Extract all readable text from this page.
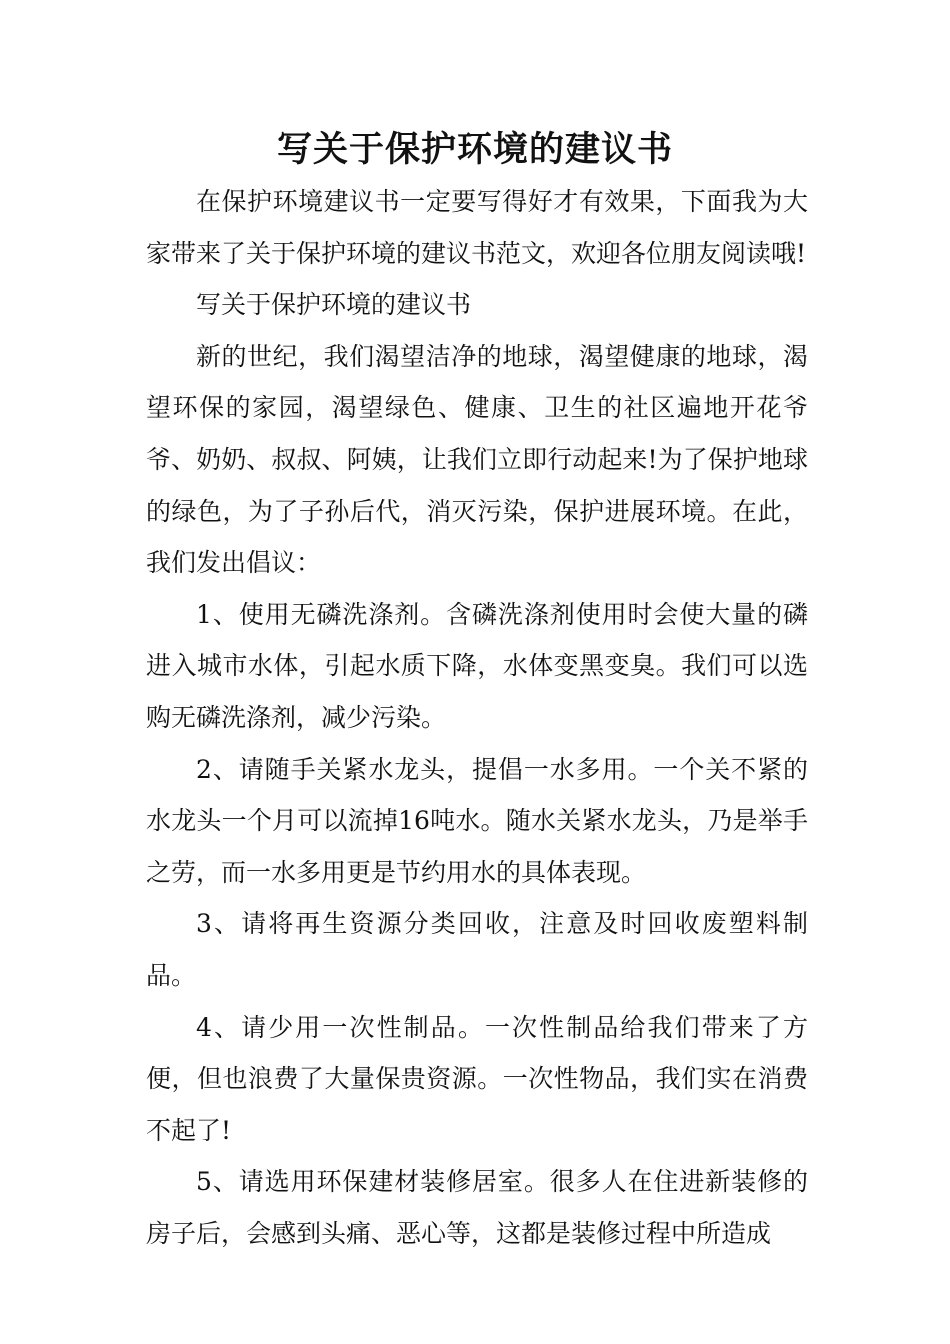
写关于保护环境的建议书

在保护环境建议书一定要写得好才有效果，下面我为大家带来了关于保护环境的建议书范文，欢迎各位朋友阅读哦!

写关于保护环境的建议书

新的世纪，我们渴望洁净的地球，渴望健康的地球，渴望环保的家园，渴望绿色、健康、卫生的社区遍地开花爷爷、奶奶、叔叔、阿姨，让我们立即行动起来!为了保护地球的绿色，为了子孙后代，消灭污染，保护进展环境。在此，我们发出倡议：

1、使用无磷洗涤剂。含磷洗涤剂使用时会使大量的磷进入城市水体，引起水质下降，水体变黑变臭。我们可以选购无磷洗涤剂，减少污染。

2、请随手关紧水龙头，提倡一水多用。一个关不紧的水龙头一个月可以流掉16吨水。随水关紧水龙头，乃是举手之劳，而一水多用更是节约用水的具体表现。

3、请将再生资源分类回收，注意及时回收废塑料制品。

4、请少用一次性制品。一次性制品给我们带来了方便，但也浪费了大量保贵资源。一次性物品，我们实在消费不起了!

5、请选用环保建材装修居室。很多人在住进新装修的房子后，会感到头痛、恶心等，这都是装修过程中所造成
